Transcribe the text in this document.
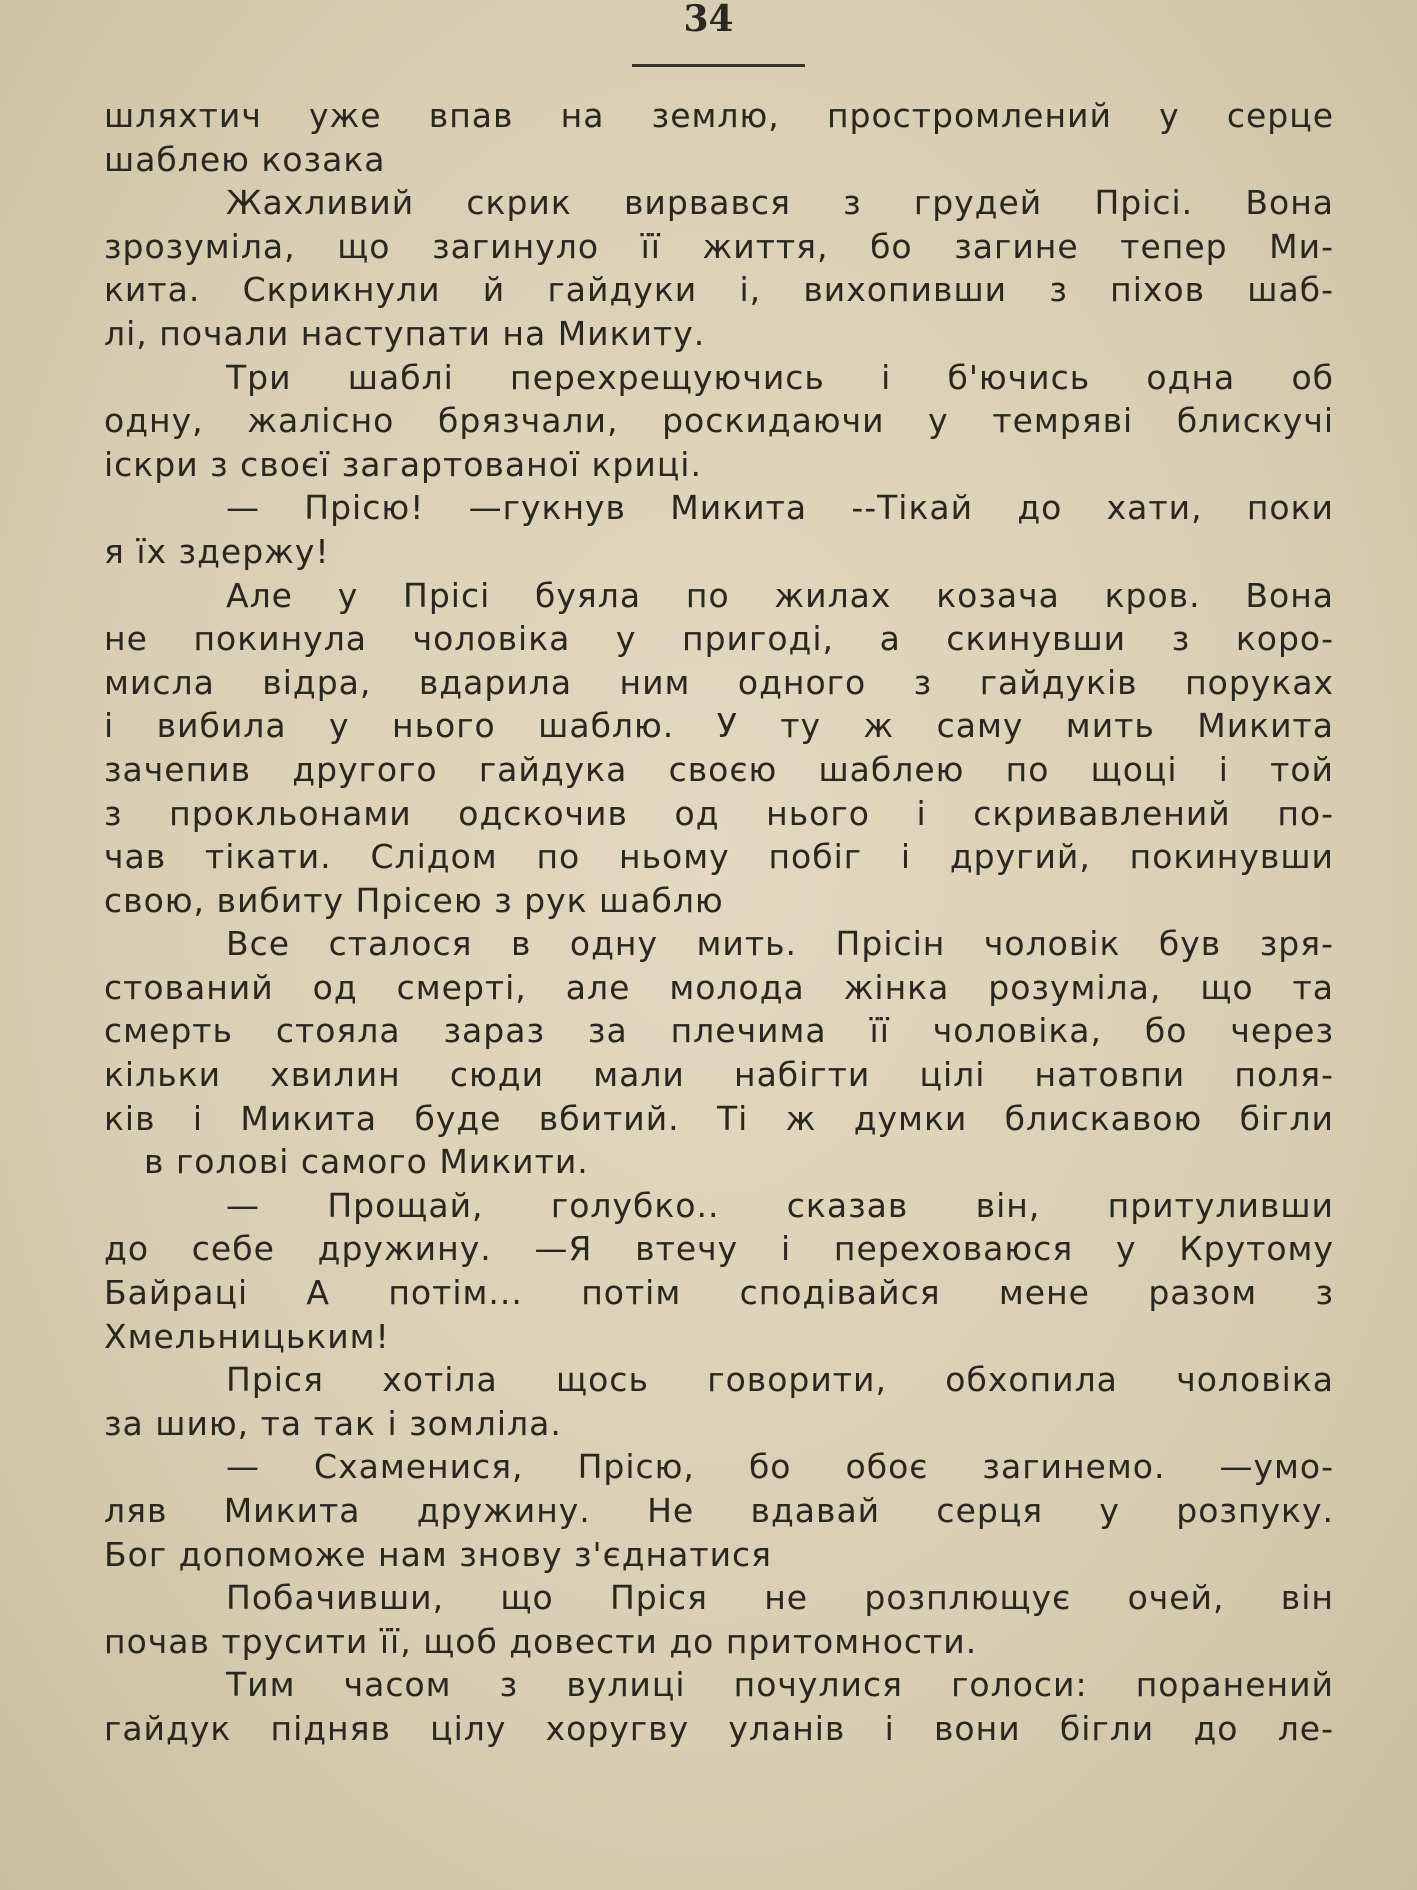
34
шляхтич уже впав на землю, простромлений у серце
шаблею козака
Жахливий скрик вирвався з грудей Прісі. Вона
зрозуміла, що загинуло її життя, бо загине тепер Ми-
кита. Скрикнули й гайдуки і, вихопивши з піхов шаб-
лі, почали наступати на Микиту.
Три шаблі перехрещуючись і б'ючись одна об
одну, жалісно брязчали, роскидаючи у темряві блискучі
іскри з своєї загартованої криці.
— Прісю! —гукнув Микита --Тікай до хати, поки
я їх здержу!
Але у Прісі буяла по жилах козача кров. Вона
не покинула чоловіка у пригоді, а скинувши з коро-
мисла відра, вдарила ним одного з гайдуків поруках
і вибила у нього шаблю. У ту ж саму мить Микита
зачепив другого гайдука своєю шаблею по щоці і той
з прокльонами одскочив од нього і скривавлений по-
чав тікати. Слідом по ньому побіг і другий, покинувши
свою, вибиту Прісею з рук шаблю
Все сталося в одну мить. Прісін чоловік був зря-
стований од смерті, але молода жінка розуміла, що та
смерть стояла зараз за плечима її чоловіка, бо через
кільки хвилин сюди мали набігти цілі натовпи поля-
ків і Микита буде вбитий. Ті ж думки блискавою бігли
в голові самого Микити.
— Прощай, голубко.. сказав він, притуливши
до себе дружину. —Я втечу і переховаюся у Крутому
Байраці А потім... потім сподівайся мене разом з
Хмельницьким!
Пріся хотіла щось говорити, обхопила чоловіка
за шию, та так і зомліла.
— Схаменися, Прісю, бо обоє загинемо. —умо-
ляв Микита дружину. Не вдавай серця у розпуку.
Бог допоможе нам знову з'єднатися
Побачивши, що Пріся не розплющує очей, він
почав трусити її, щоб довести до притомности.
Тим часом з вулиці почулися голоси: поранений
гайдук підняв цілу хоругву уланів і вони бігли до ле-
